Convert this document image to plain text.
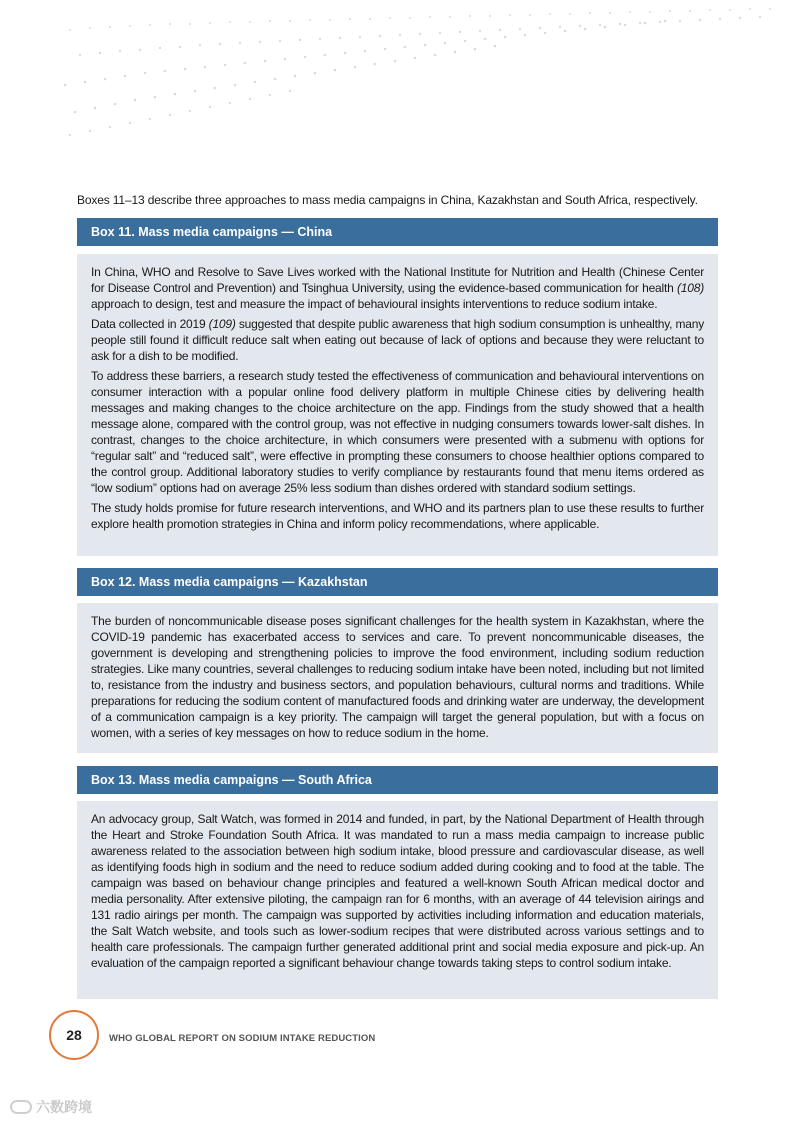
Boxes 11–13 describe three approaches to mass media campaigns in China, Kazakhstan and South Africa, respectively.
Box 11. Mass media campaigns — China

In China, WHO and Resolve to Save Lives worked with the National Institute for Nutrition and Health (Chinese Center for Disease Control and Prevention) and Tsinghua University, using the evidence-based communication for health (108) approach to design, test and measure the impact of behavioural insights interventions to reduce sodium intake.

Data collected in 2019 (109) suggested that despite public awareness that high sodium consumption is unhealthy, many people still found it difficult reduce salt when eating out because of lack of options and because they were reluctant to ask for a dish to be modified.

To address these barriers, a research study tested the effectiveness of communication and behavioural interventions on consumer interaction with a popular online food delivery platform in multiple Chinese cities by delivering health messages and making changes to the choice architecture on the app. Findings from the study showed that a health message alone, compared with the control group, was not effective in nudging consumers towards lower-salt dishes. In contrast, changes to the choice architecture, in which consumers were presented with a submenu with options for “regular salt” and “reduced salt”, were effective in prompting these consumers to choose healthier options compared to the control group. Additional laboratory studies to verify compliance by restaurants found that menu items ordered as “low sodium” options had on average 25% less sodium than dishes ordered with standard sodium settings.

The study holds promise for future research interventions, and WHO and its partners plan to use these results to further explore health promotion strategies in China and inform policy recommendations, where applicable.

Box 12. Mass media campaigns — Kazakhstan

The burden of noncommunicable disease poses significant challenges for the health system in Kazakhstan, where the COVID-19 pandemic has exacerbated access to services and care. To prevent noncommunicable diseases, the government is developing and strengthening policies to improve the food environment, including sodium reduction strategies. Like many countries, several challenges to reducing sodium intake have been noted, including but not limited to, resistance from the industry and business sectors, and population behaviours, cultural norms and traditions. While preparations for reducing the sodium content of manufactured foods and drinking water are underway, the development of a communication campaign is a key priority. The campaign will target the general population, but with a focus on women, with a series of key messages on how to reduce sodium in the home.

Box 13. Mass media campaigns — South Africa

An advocacy group, Salt Watch, was formed in 2014 and funded, in part, by the National Department of Health through the Heart and Stroke Foundation South Africa. It was mandated to run a mass media campaign to increase public awareness related to the association between high sodium intake, blood pressure and cardiovascular disease, as well as identifying foods high in sodium and the need to reduce sodium added during cooking and to food at the table. The campaign was based on behaviour change principles and featured a well-known South African medical doctor and media personality. After extensive piloting, the campaign ran for 6 months, with an average of 44 television airings and 131 radio airings per month. The campaign was supported by activities including information and education materials, the Salt Watch website, and tools such as lower-sodium recipes that were distributed across various settings and to health care professionals. The campaign further generated additional print and social media exposure and pick-up. An evaluation of the campaign reported a significant behaviour change towards taking steps to control sodium intake.

28	WHO GLOBAL REPORT ON SODIUM INTAKE REDUCTION
六数跨境
